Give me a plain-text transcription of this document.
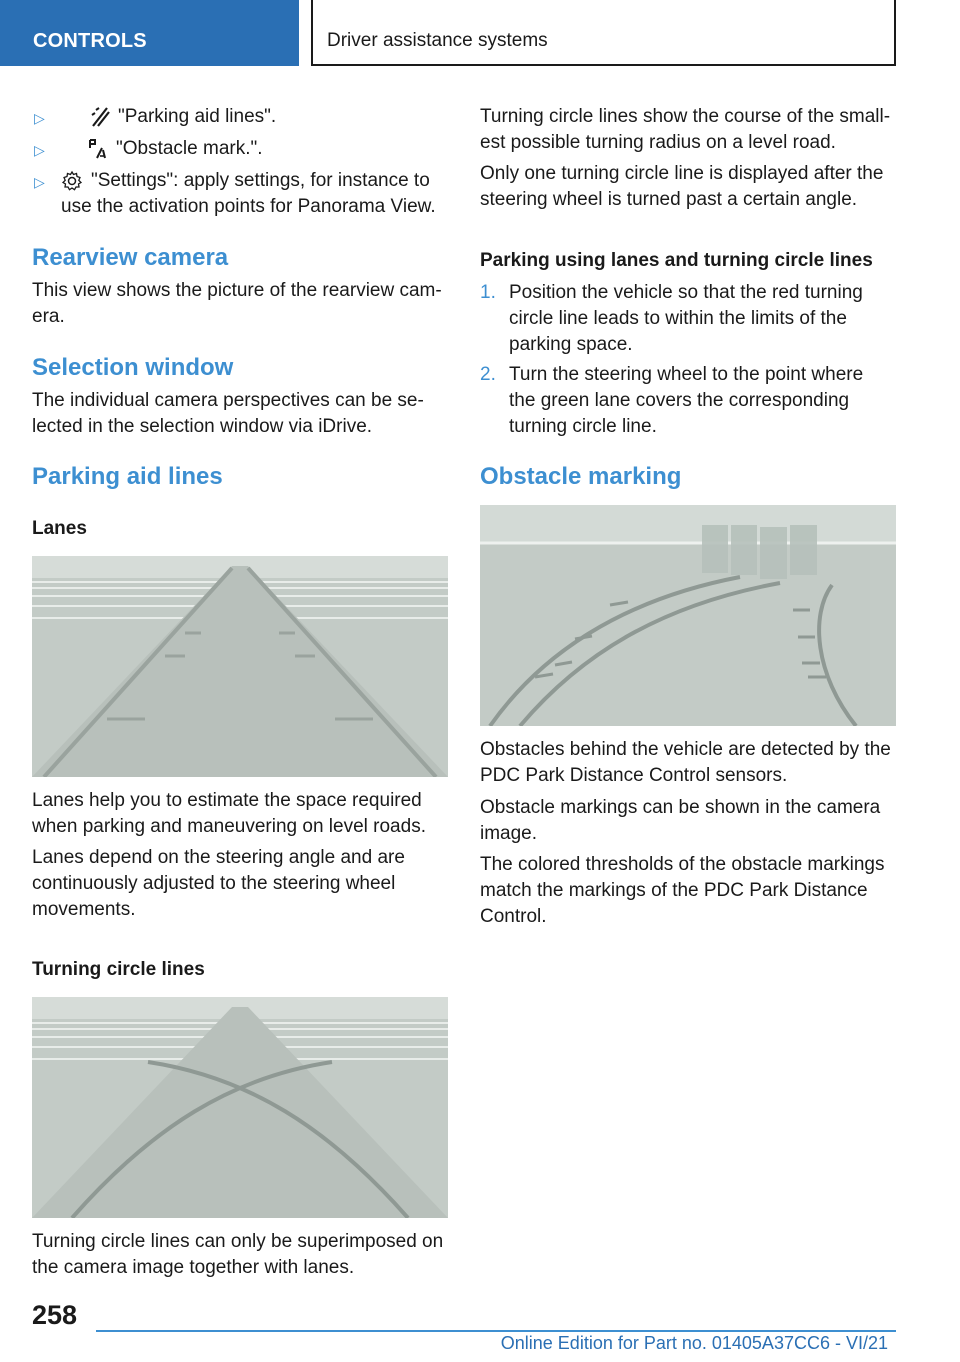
CONTROLS	Driver assistance systems
▷	"Parking aid lines".
▷	"Obstacle mark.".
▷ "Settings": apply settings, for instance to
use the activation points for Panorama View.
Rearview camera

This view shows the picture of the rearview cam-

era.

Selection window

The individual camera perspectives can be se-

lected in the selection window via iDrive.

Parking aid lines
Lanes

Lanes help you to estimate the space required

when parking and maneuvering on level roads.

Lanes depend on the steering angle and are

continuously adjusted to the steering wheel

movements.

Turning circle lines

Turning circle lines can only be superimposed on

the camera image together with lanes.

Turning circle lines show the course of the small-

est possible turning radius on a level road.

Only one turning circle line is displayed after the

steering wheel is turned past a certain angle.

Parking using lanes and turning circle lines
1. Position the vehicle so that the red turning

circle line leads to within the limits of the

parking space.

2. Turn the steering wheel to the point where

the green lane covers the corresponding

turning circle line.

Obstacle marking

Obstacles behind the vehicle are detected by the

PDC Park Distance Control sensors.

Obstacle markings can be shown in the camera

image.

The colored thresholds of the obstacle markings

match the markings of the PDC Park Distance

Control.

258
Online Edition for Part no. 01405A37CC6 - VI/21
